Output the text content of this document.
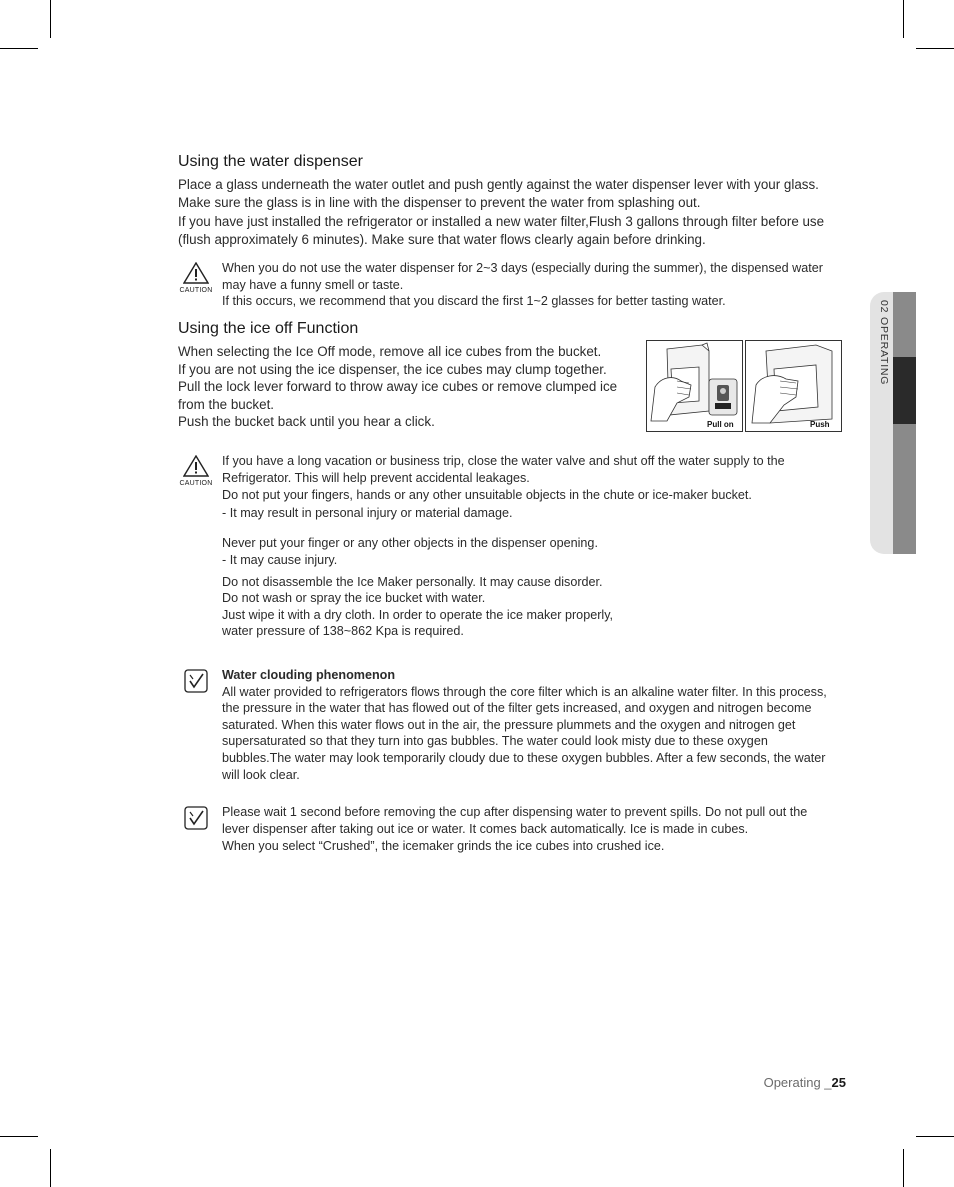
02 OPERATING
Using the water dispenser

Place a glass underneath the water outlet and push gently against the water dispenser lever with your glass. Make sure the glass is in line with the dispenser to prevent the water from splashing out.

If you have just installed the refrigerator or installed a new water filter,Flush 3 gallons through filter before use (flush approximately 6 minutes). Make sure that water flows clearly again before drinking.

CAUTION

When you do not use the water dispenser for 2~3 days (especially during the summer), the dispensed water may have a funny smell or taste.

If this occurs, we recommend that you discard the first 1~2 glasses for better tasting water.

Using the ice off Function

When selecting the Ice Off mode, remove all ice cubes from the bucket.

If you are not using the ice dispenser, the ice cubes may clump together.

Pull the lock lever forward to throw away ice cubes or remove clumped ice from the bucket.

Push the bucket back until you hear a click.	Pull on	Push
CAUTION

If you have a long vacation or business trip, close the water valve and shut off the water supply to the Refrigerator. This will help prevent accidental leakages.

Do not put your fingers, hands or any other unsuitable objects in the chute or ice-maker bucket.

- It may result in personal injury or material damage.

Never put your finger or any other objects in the dispenser opening.

- It may cause injury.

Do not disassemble the Ice Maker personally. It may cause disorder.

Do not wash or spray the ice bucket with water.

Just wipe it with a dry cloth. In order to operate the ice maker properly,

water pressure of 138~862 Kpa is required.

Water clouding phenomenon

All water provided to refrigerators flows through the core filter which is an alkaline water filter. In this process, the pressure in the water that has flowed out of the filter gets increased, and oxygen and nitrogen become saturated. When this water flows out in the air, the pressure plummets and the oxygen and nitrogen get supersaturated so that they turn into gas bubbles. The water could look misty due to these oxygen bubbles.The water may look temporarily cloudy due to these oxygen bubbles. After a few seconds, the water will look clear.

Please wait 1 second before removing the cup after dispensing water to prevent spills. Do not pull out the lever dispenser after taking out ice or water. It comes back automatically. Ice is made in cubes.

When you select “Crushed”, the icemaker grinds the ice cubes into crushed ice.

Operating _25
